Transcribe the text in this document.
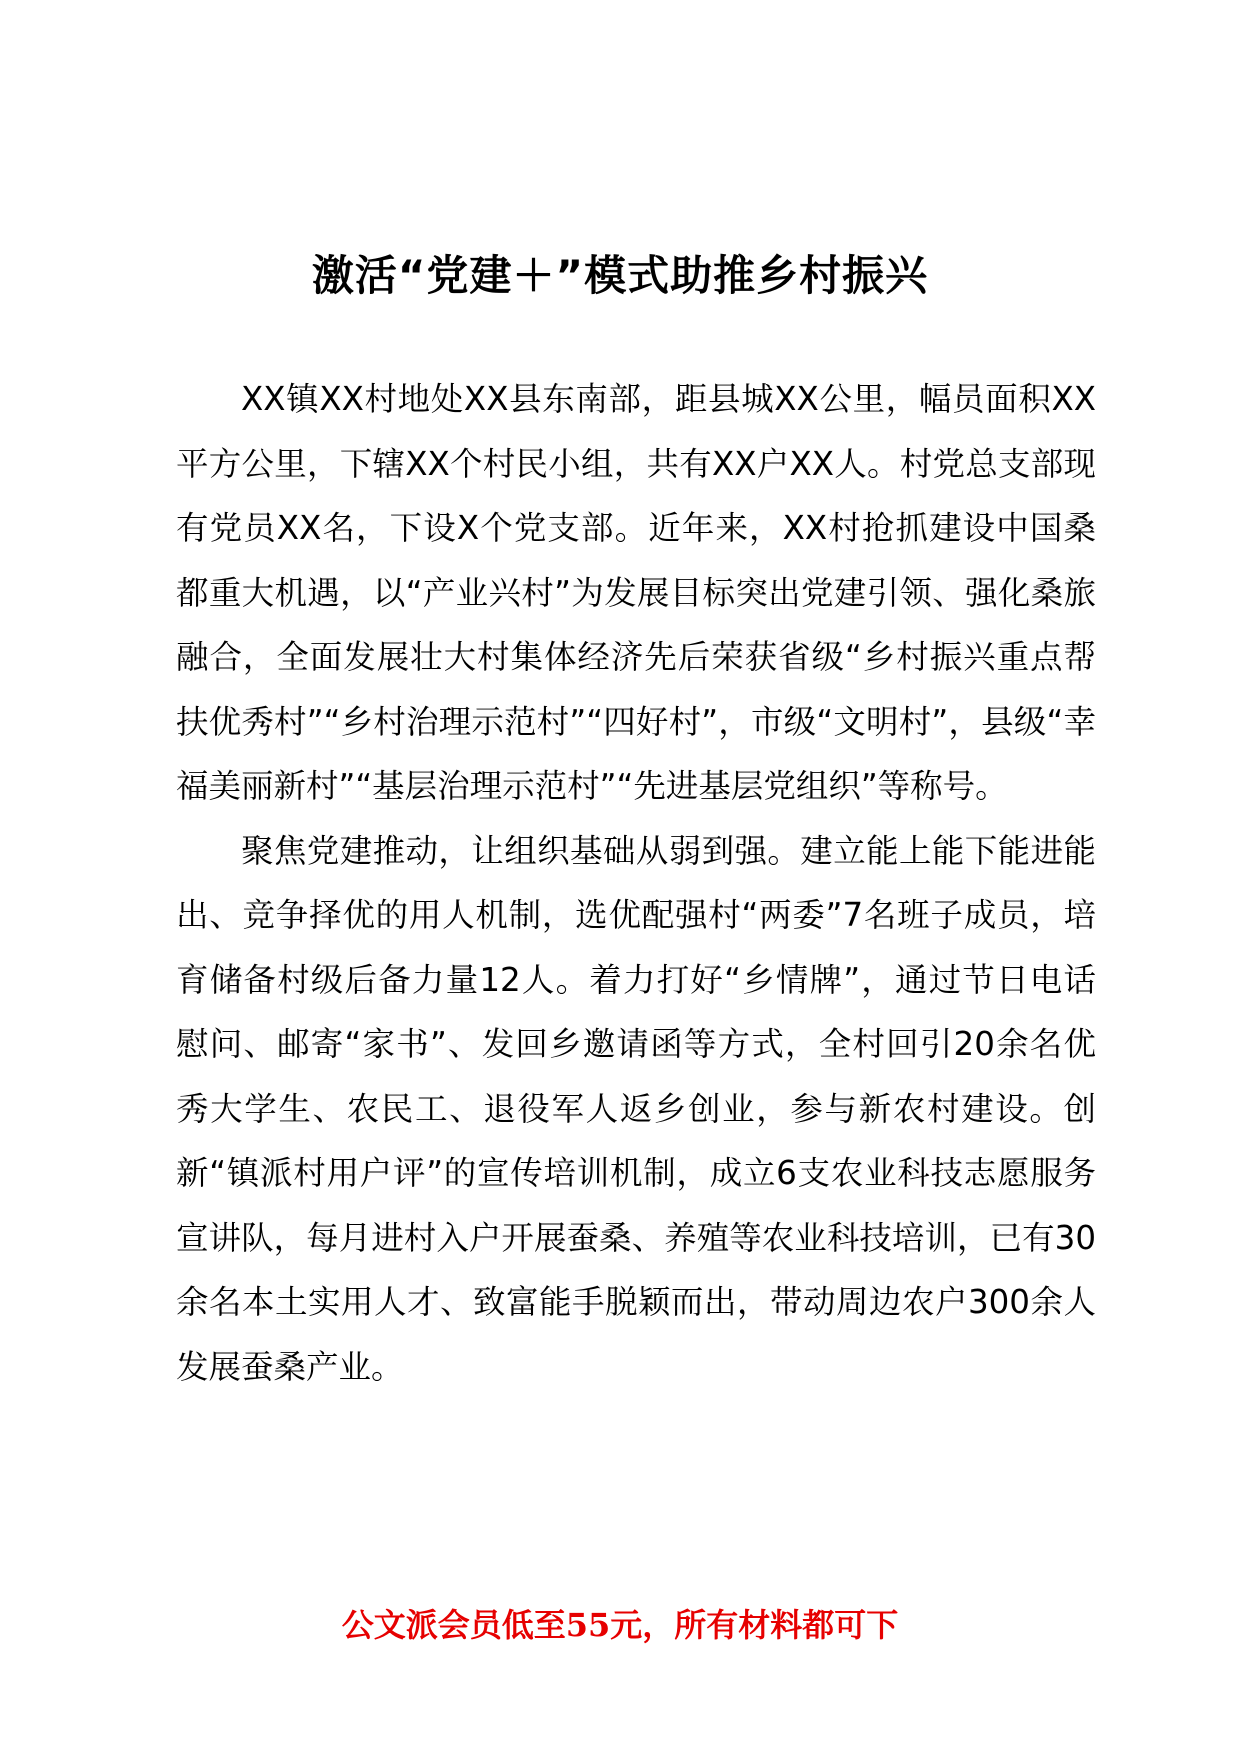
激活“党建＋”模式助推乡村振兴

XX镇XX村地处XX县东南部，距县城XX公里，幅员面积XX平方公里，下辖XX个村民小组，共有XX户XX人。村党总支部现有党员XX名，下设X个党支部。近年来，XX村抢抓建设中国桑都重大机遇，以“产业兴村”为发展目标突出党建引领、强化桑旅融合，全面发展壮大村集体经济先后荣获省级“乡村振兴重点帮扶优秀村”“乡村治理示范村”“四好村”，市级“文明村”，县级“幸福美丽新村”“基层治理示范村”“先进基层党组织”等称号。

聚焦党建推动，让组织基础从弱到强。建立能上能下能进能出、竞争择优的用人机制，选优配强村“两委”7名班子成员，培育储备村级后备力量12人。着力打好“乡情牌”，通过节日电话慰问、邮寄“家书”、发回乡邀请函等方式，全村回引20余名优秀大学生、农民工、退役军人返乡创业，参与新农村建设。创新“镇派村用户评”的宣传培训机制，成立6支农业科技志愿服务宣讲队，每月进村入户开展蚕桑、养殖等农业科技培训，已有30余名本土实用人才、致富能手脱颖而出，带动周边农户300余人发展蚕桑产业。

公文派会员低至55元，所有材料都可下
